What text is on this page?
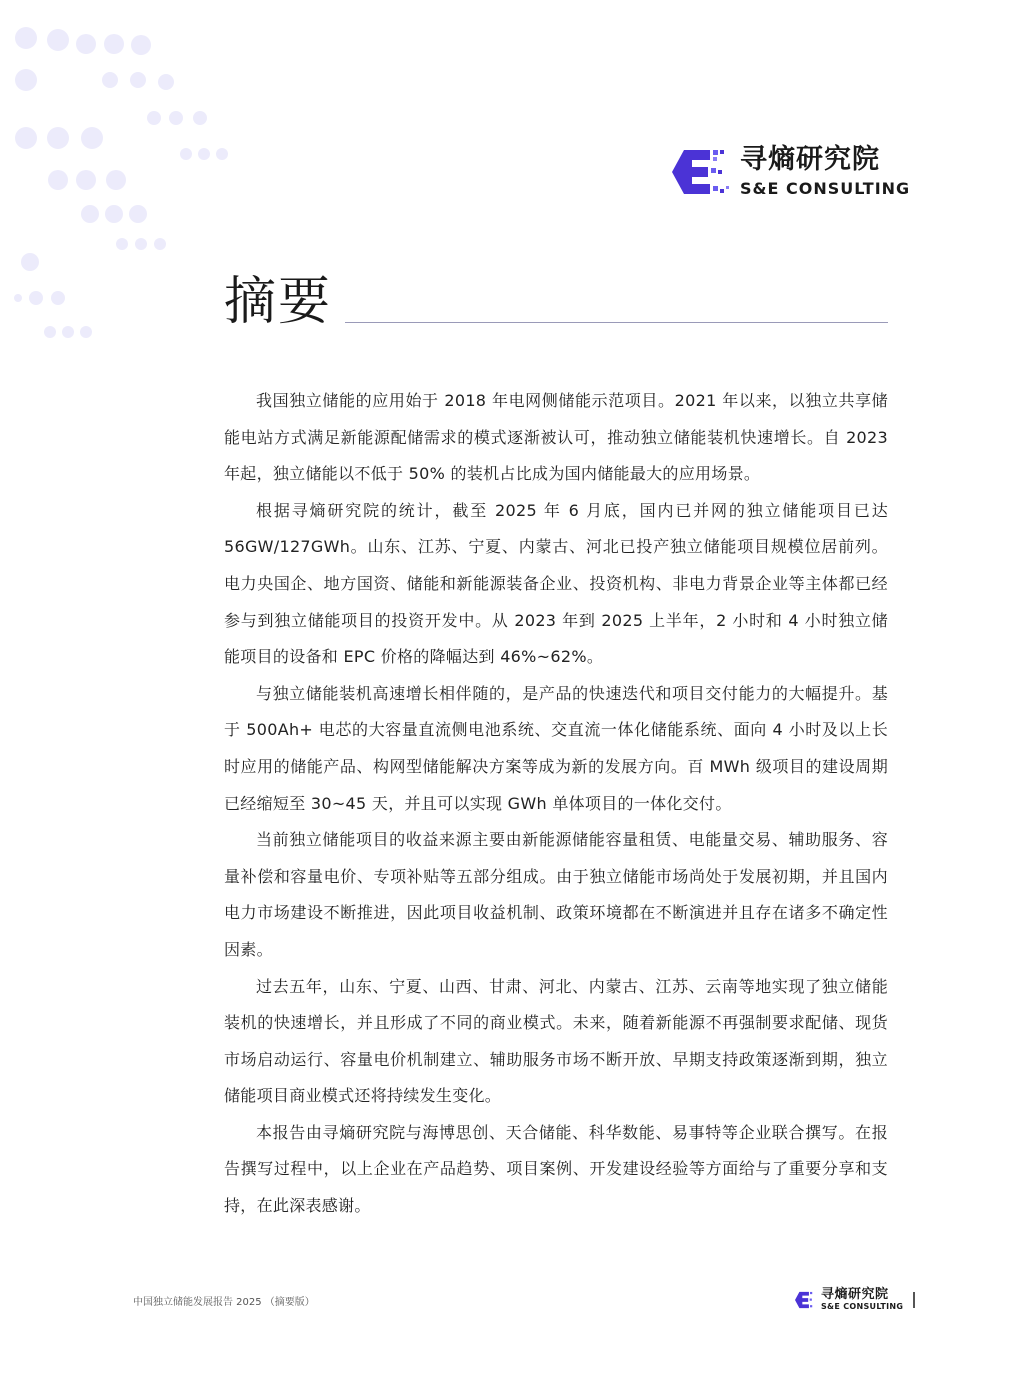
寻熵研究院
S&E CONSULTING
摘要

我国独立储能的应用始于 2018 年电网侧储能示范项目。2021 年以来，以独立共享储能电站方式满足新能源配储需求的模式逐渐被认可，推动独立储能装机快速增长。自 2023 年起，独立储能以不低于 50% 的装机占比成为国内储能最大的应用场景。

根据寻熵研究院的统计，截至 2025 年 6 月底，国内已并网的独立储能项目已达 56GW/127GWh。山东、江苏、宁夏、内蒙古、河北已投产独立储能项目规模位居前列。电力央国企、地方国资、储能和新能源装备企业、投资机构、非电力背景企业等主体都已经参与到独立储能项目的投资开发中。从 2023 年到 2025 上半年，2 小时和 4 小时独立储能项目的设备和 EPC 价格的降幅达到 46%~62%。

与独立储能装机高速增长相伴随的，是产品的快速迭代和项目交付能力的大幅提升。基于 500Ah+ 电芯的大容量直流侧电池系统、交直流一体化储能系统、面向 4 小时及以上长时应用的储能产品、构网型储能解决方案等成为新的发展方向。百 MWh 级项目的建设周期已经缩短至 30~45 天，并且可以实现 GWh 单体项目的一体化交付。

当前独立储能项目的收益来源主要由新能源储能容量租赁、电能量交易、辅助服务、容量补偿和容量电价、专项补贴等五部分组成。由于独立储能市场尚处于发展初期，并且国内电力市场建设不断推进，因此项目收益机制、政策环境都在不断演进并且存在诸多不确定性因素。

过去五年，山东、宁夏、山西、甘肃、河北、内蒙古、江苏、云南等地实现了独立储能装机的快速增长，并且形成了不同的商业模式。未来，随着新能源不再强制要求配储、现货市场启动运行、容量电价机制建立、辅助服务市场不断开放、早期支持政策逐渐到期，独立储能项目商业模式还将持续发生变化。

本报告由寻熵研究院与海博思创、天合储能、科华数能、易事特等企业联合撰写。在报告撰写过程中，以上企业在产品趋势、项目案例、开发建设经验等方面给与了重要分享和支持，在此深表感谢。

中国独立储能发展报告 2025 （摘要版）
寻熵研究院
S&E CONSULTING
